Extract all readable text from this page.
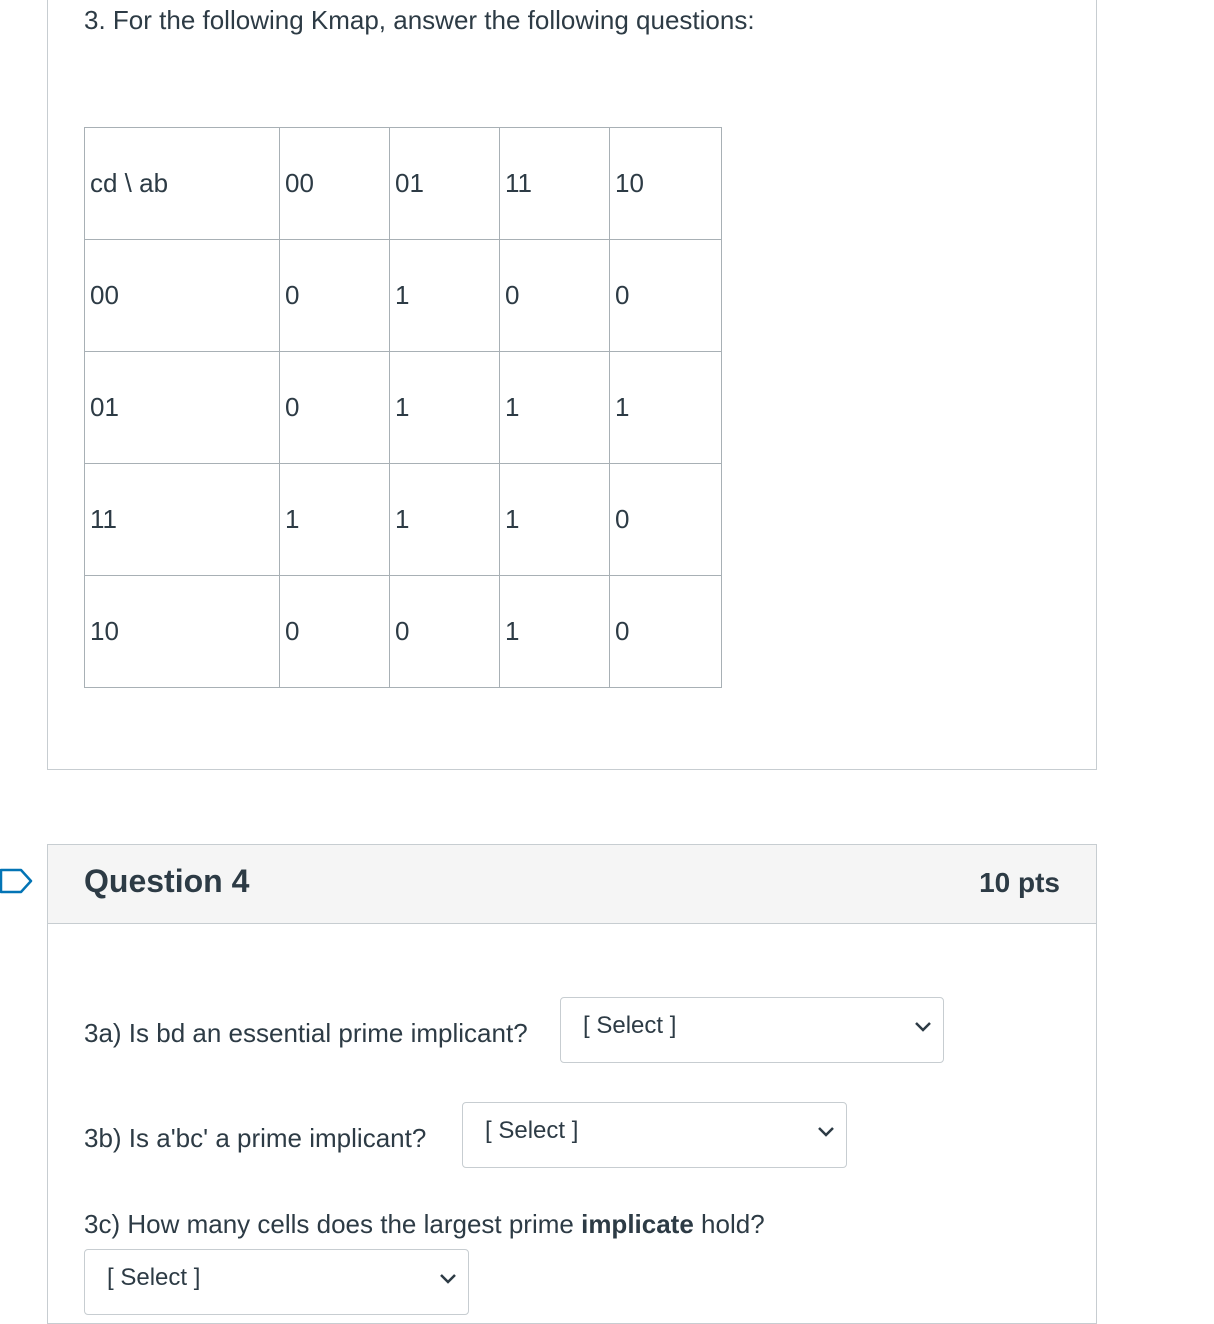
3. For the following Kmap, answer the following questions:
cd \ ab	00	01	11	10
00	0	1	0	0
01	0	1	1	1
11	1	1	1	0
10	0	0	1	0
Question 4	10 pts
3a) Is bd an essential prime implicant? [ Select ]
3b) Is a'bc' a prime implicant? [ Select ]
3c) How many cells does the largest prime implicate hold?
[ Select ]
